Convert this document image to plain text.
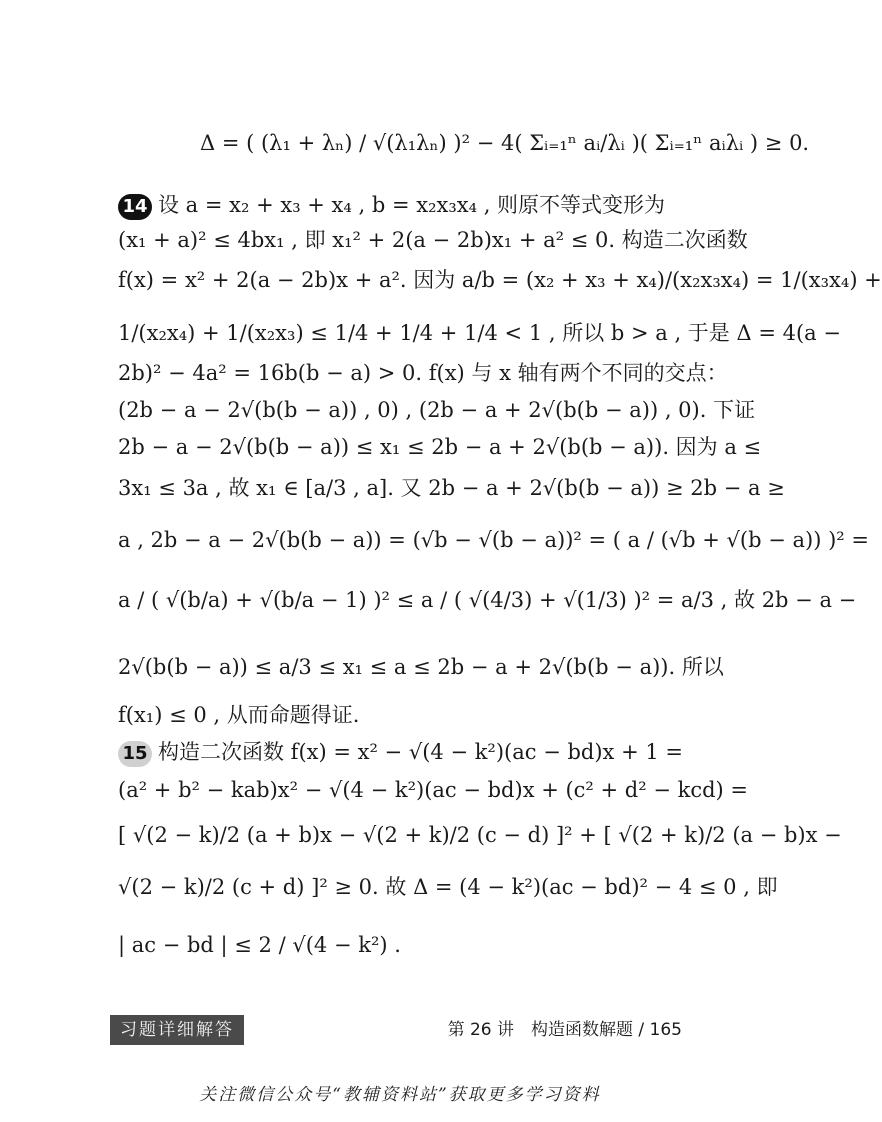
Δ = ( (λ₁ + λₙ) / √(λ₁λₙ) )² − 4( Σᵢ₌₁ⁿ aᵢ/λᵢ )( Σᵢ₌₁ⁿ aᵢλᵢ ) ≥ 0.
14 设 a = x₂ + x₃ + x₄ , b = x₂x₃x₄ , 则原不等式变形为
(x₁ + a)² ≤ 4bx₁ , 即 x₁² + 2(a − 2b)x₁ + a² ≤ 0. 构造二次函数
f(x) = x² + 2(a − 2b)x + a². 因为 a/b = (x₂ + x₃ + x₄)/(x₂x₃x₄) = 1/(x₃x₄) +
1/(x₂x₄) + 1/(x₂x₃) ≤ 1/4 + 1/4 + 1/4 < 1 , 所以 b > a , 于是 Δ = 4(a −
2b)² − 4a² = 16b(b − a) > 0. f(x) 与 x 轴有两个不同的交点：
(2b − a − 2√(b(b − a)) , 0) , (2b − a + 2√(b(b − a)) , 0). 下证
2b − a − 2√(b(b − a)) ≤ x₁ ≤ 2b − a + 2√(b(b − a)). 因为 a ≤
3x₁ ≤ 3a , 故 x₁ ∈ [a/3 , a]. 又 2b − a + 2√(b(b − a)) ≥ 2b − a ≥
a , 2b − a − 2√(b(b − a)) = (√b − √(b − a))² = ( a / (√b + √(b − a)) )² =
a / ( √(b/a) + √(b/a − 1) )² ≤ a / ( √(4/3) + √(1/3) )² = a/3 , 故 2b − a −
2√(b(b − a)) ≤ a/3 ≤ x₁ ≤ a ≤ 2b − a + 2√(b(b − a)). 所以
f(x₁) ≤ 0 , 从而命题得证.
15 构造二次函数 f(x) = x² − √(4 − k²)(ac − bd)x + 1 =
(a² + b² − kab)x² − √(4 − k²)(ac − bd)x + (c² + d² − kcd) =
[ √(2 − k)/2 (a + b)x − √(2 + k)/2 (c − d) ]² + [ √(2 + k)/2 (a − b)x −
√(2 − k)/2 (c + d) ]² ≥ 0. 故 Δ = (4 − k²)(ac − bd)² − 4 ≤ 0 , 即
| ac − bd | ≤ 2 / √(4 − k²) .
习题详细解答	第 26 讲　构造函数解题 / 165
关注微信公众号“教辅资料站”获取更多学习资料
